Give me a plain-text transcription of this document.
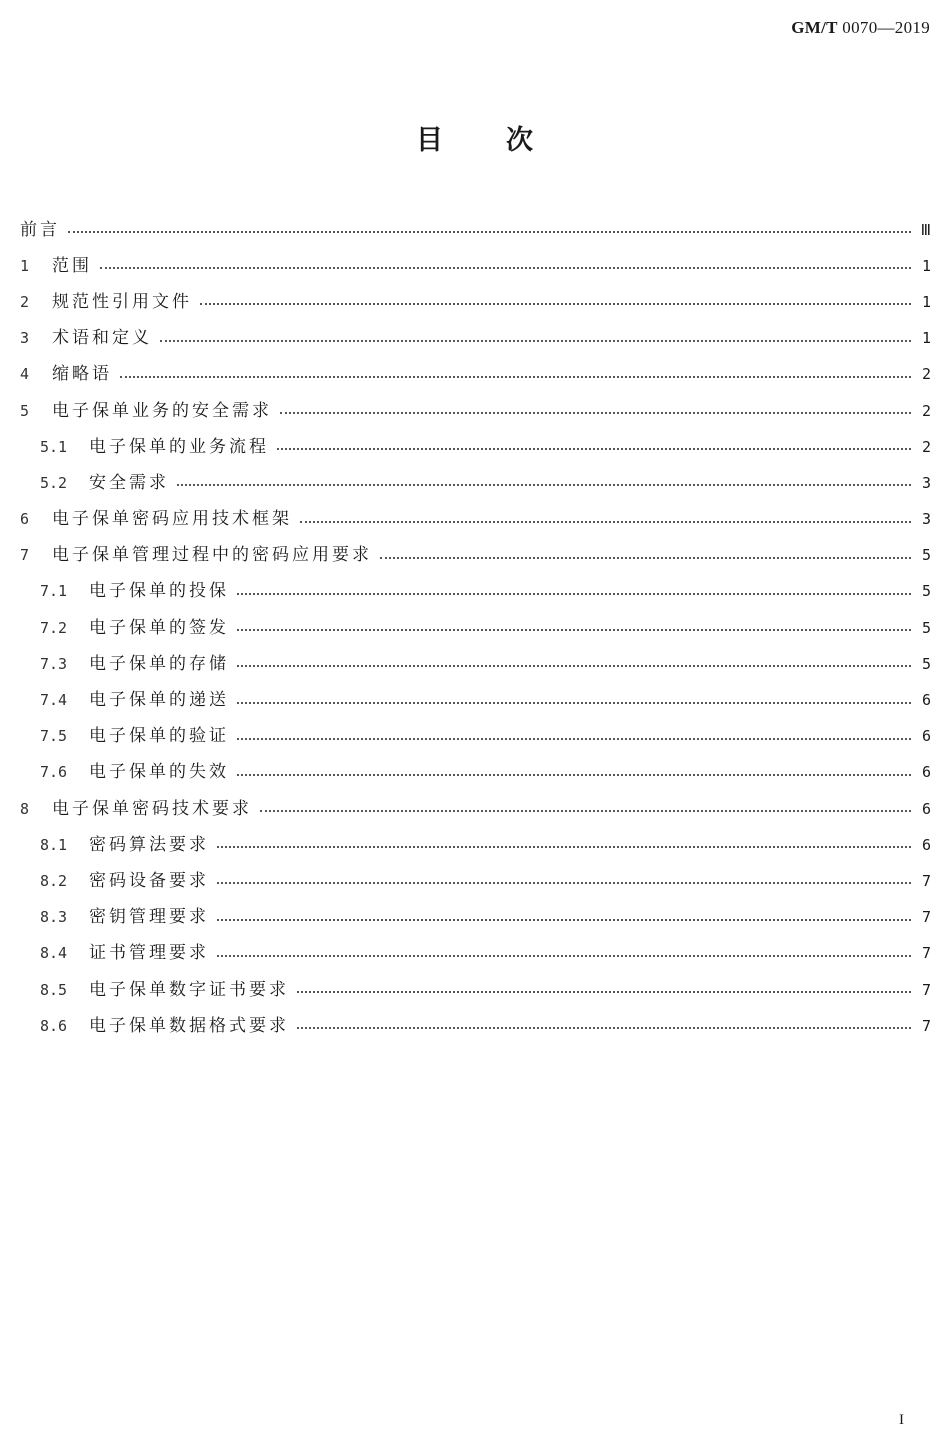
GM/T 0070—2019
目 次
前言	Ⅲ
1	范围	1
2	规范性引用文件	1
3	术语和定义	1
4	缩略语	2
5	电子保单业务的安全需求	2
5.1	电子保单的业务流程	2
5.2	安全需求	3
6	电子保单密码应用技术框架	3
7	电子保单管理过程中的密码应用要求	5
7.1	电子保单的投保	5
7.2	电子保单的签发	5
7.3	电子保单的存储	5
7.4	电子保单的递送	6
7.5	电子保单的验证	6
7.6	电子保单的失效	6
8	电子保单密码技术要求	6
8.1	密码算法要求	6
8.2	密码设备要求	7
8.3	密钥管理要求	7
8.4	证书管理要求	7
8.5	电子保单数字证书要求	7
8.6	电子保单数据格式要求	7
I
